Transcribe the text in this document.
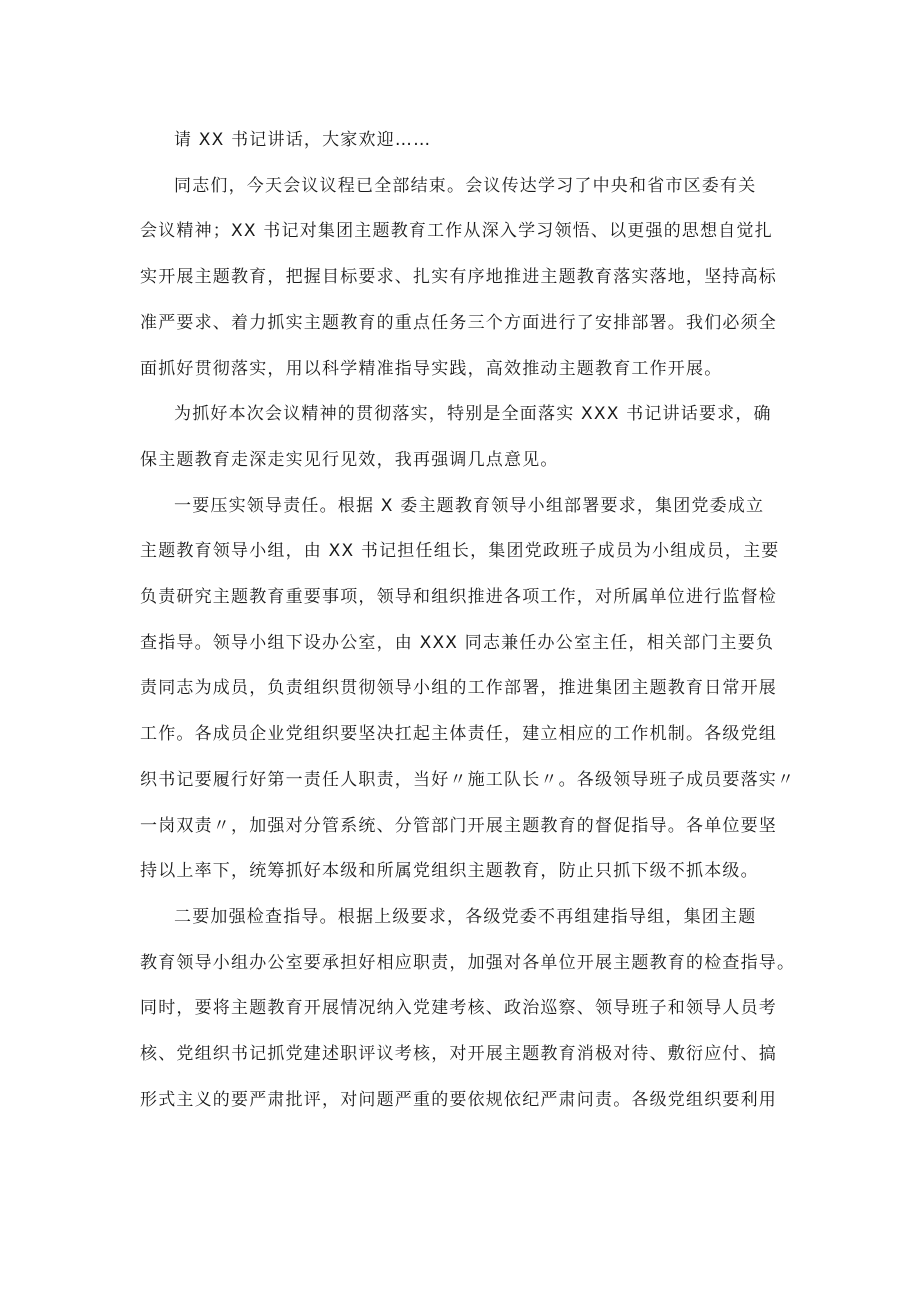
请 XX 书记讲话，大家欢迎……

同志们，今天会议议程已全部结束。会议传达学习了中央和省市区委有关
会议精神；XX 书记对集团主题教育工作从深入学习领悟、以更强的思想自觉扎
实开展主题教育，把握目标要求、扎实有序地推进主题教育落实落地，坚持高标
准严要求、着力抓实主题教育的重点任务三个方面进行了安排部署。我们必须全
面抓好贯彻落实，用以科学精准指导实践，高效推动主题教育工作开展。

为抓好本次会议精神的贯彻落实，特别是全面落实 XXX 书记讲话要求，确
保主题教育走深走实见行见效，我再强调几点意见。

一要压实领导责任。根据 X 委主题教育领导小组部署要求，集团党委成立
主题教育领导小组，由 XX 书记担任组长，集团党政班子成员为小组成员，主要
负责研究主题教育重要事项，领导和组织推进各项工作，对所属单位进行监督检
查指导。领导小组下设办公室，由 XXX 同志兼任办公室主任，相关部门主要负
责同志为成员，负责组织贯彻领导小组的工作部署，推进集团主题教育日常开展
工作。各成员企业党组织要坚决扛起主体责任，建立相应的工作机制。各级党组
织书记要履行好第一责任人职责，当好〃施工队长〃。各级领导班子成员要落实〃
一岗双责〃，加强对分管系统、分管部门开展主题教育的督促指导。各单位要坚
持以上率下，统筹抓好本级和所属党组织主题教育，防止只抓下级不抓本级。

二要加强检查指导。根据上级要求，各级党委不再组建指导组，集团主题
教育领导小组办公室要承担好相应职责，加强对各单位开展主题教育的检查指导。
同时，要将主题教育开展情况纳入党建考核、政治巡察、领导班子和领导人员考
核、党组织书记抓党建述职评议考核，对开展主题教育消极对待、敷衍应付、搞
形式主义的要严肃批评，对问题严重的要依规依纪严肃问责。各级党组织要利用
